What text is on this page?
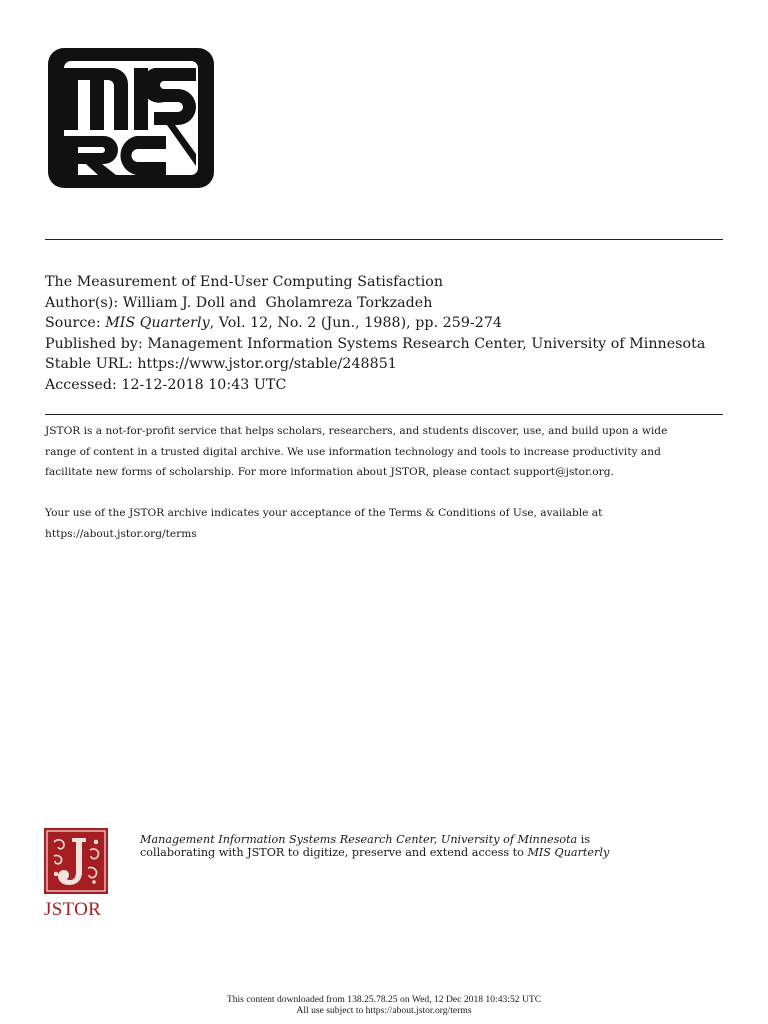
The Measurement of End-User Computing Satisfaction
Author(s): William J. Doll and  Gholamreza Torkzadeh
Source: MIS Quarterly, Vol. 12, No. 2 (Jun., 1988), pp. 259-274
Published by: Management Information Systems Research Center, University of Minnesota
Stable URL: https://www.jstor.org/stable/248851
Accessed: 12-12-2018 10:43 UTC
JSTOR is a not-for-profit service that helps scholars, researchers, and students discover, use, and build upon a wide
range of content in a trusted digital archive. We use information technology and tools to increase productivity and
facilitate new forms of scholarship. For more information about JSTOR, please contact support@jstor.org.
Your use of the JSTOR archive indicates your acceptance of the Terms & Conditions of Use, available at
https://about.jstor.org/terms
JSTOR
Management Information Systems Research Center, University of Minnesota is
collaborating with JSTOR to digitize, preserve and extend access to MIS Quarterly
This content downloaded from 138.25.78.25 on Wed, 12 Dec 2018 10:43:52 UTC
All use subject to https://about.jstor.org/terms
